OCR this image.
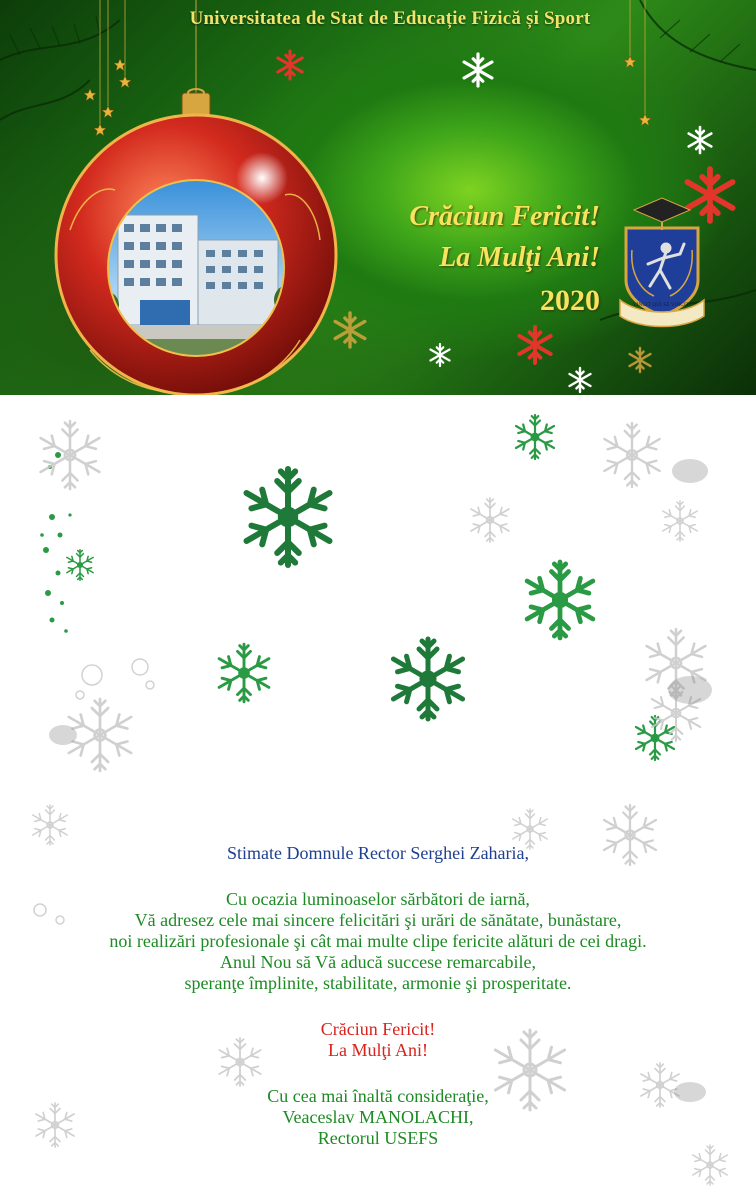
Universitatea de Stat de Educație Fizică și Sport
Crăciun Fericit!
La Mulţi Ani!
2020	VINCIT QUI SE VINCIT

Stimate Domnule Rector Serghei Zaharia,

Cu ocazia luminoaselor sărbători de iarnă,
Vă adresez cele mai sincere felicitări şi urări de sănătate, bunăstare,
noi realizări profesionale şi cât mai multe clipe fericite alături de cei dragi.
Anul Nou să Vă aducă succese remarcabile,
speranţe împlinite, stabilitate, armonie şi prosperitate.

Crăciun Fericit!
La Mulţi Ani!

Cu cea mai înaltă consideraţie,
Veaceslav MANOLACHI,
Rectorul USEFS
